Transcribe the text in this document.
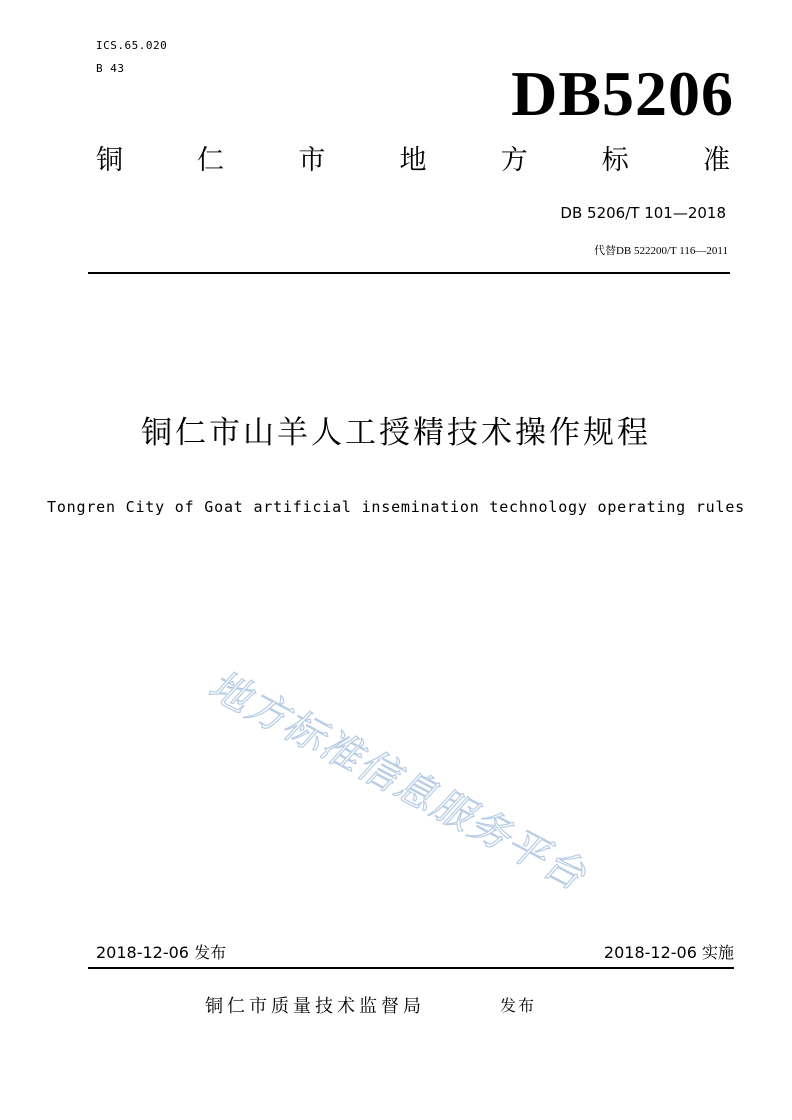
ICS.65.020
B 43	DB5206
铜	仁	市	地	方	标	准
DB 5206/T 101—2018
代替DB 522200/T 116—2011
铜仁市山羊人工授精技术操作规程
Tongren City of Goat artificial insemination technology operating rules
地方标准信息服务平台
2018-12-06 发布	2018-12-06 实施
铜仁市质量技术监督局	发布
